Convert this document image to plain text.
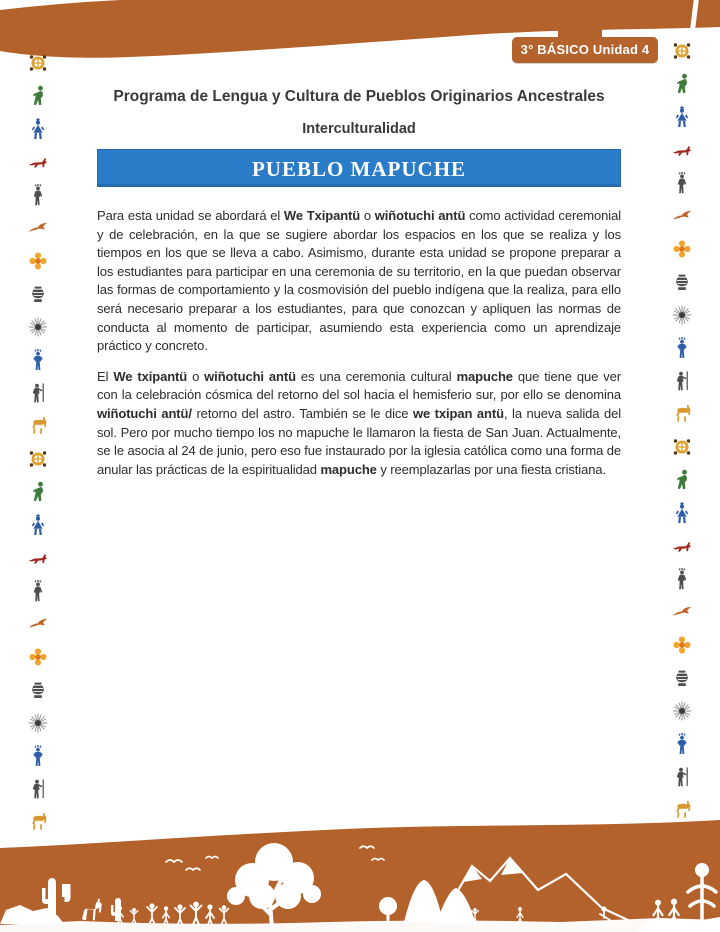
3° BÁSICO Unidad 4
Programa de Lengua y Cultura de Pueblos Originarios Ancestrales
Interculturalidad
PUEBLO MAPUCHE

Para esta unidad se abordará el We Txipantü o wiñotuchi antü como actividad ceremonial y de celebración, en la que se sugiere abordar los espacios en los que se realiza y los tiempos en los que se lleva a cabo. Asimismo, durante esta unidad se propone preparar a los estudiantes para participar en una ceremonia de su territorio, en la que puedan observar las formas de comportamiento y la cosmovisión del pueblo indígena que la realiza, para ello será necesario preparar a los estudiantes, para que conozcan y apliquen las normas de conducta al momento de participar, asumiendo esta experiencia como un aprendizaje práctico y concreto.

El We txipantü o wiñotuchi antü es una ceremonia cultural mapuche que tiene que ver con la celebración cósmica del retorno del sol hacia el hemisferio sur, por ello se denomina wiñotuchi antü/ retorno del astro. También se le dice we txipan antü, la nueva salida del sol. Pero por mucho tiempo los no mapuche le llamaron la fiesta de San Juan. Actualmente, se le asocia al 24 de junio, pero eso fue instaurado por la iglesia católica como una forma de anular las prácticas de la espiritualidad mapuche y reemplazarlas por una fiesta cristiana.
